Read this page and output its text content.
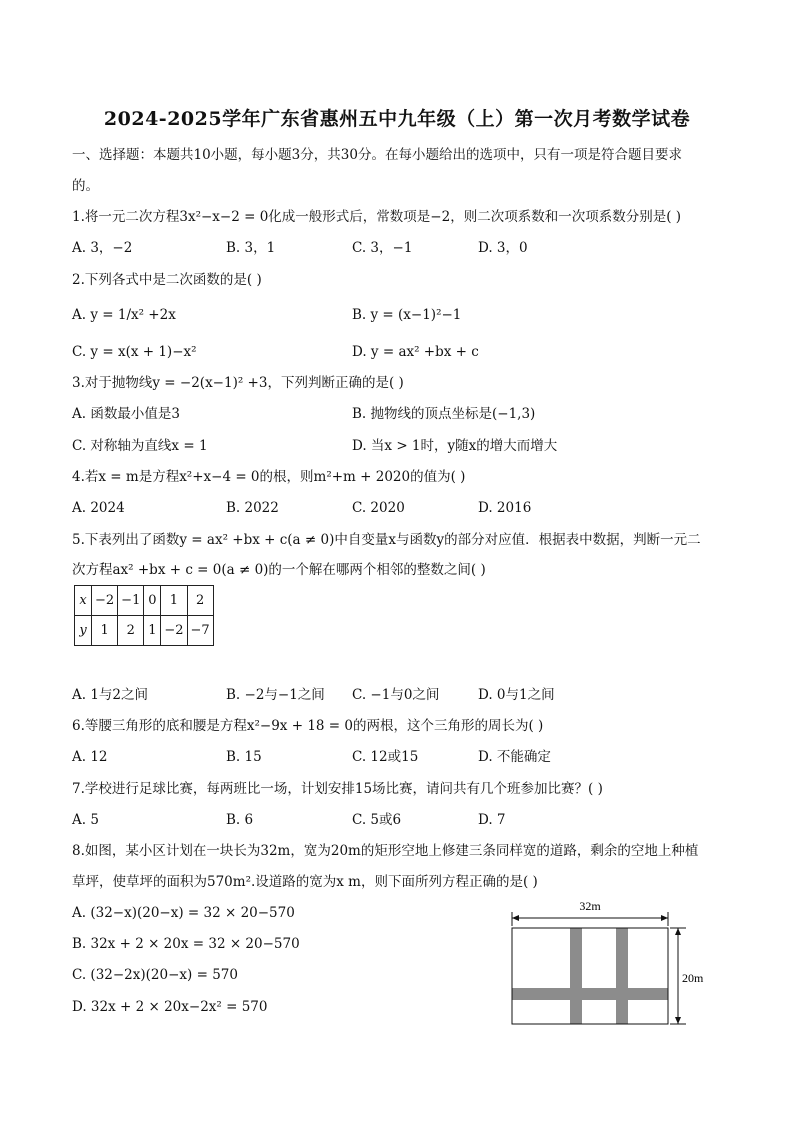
2024-2025学年广东省惠州五中九年级（上）第一次月考数学试卷
一、选择题：本题共10小题，每小题3分，共30分。在每小题给出的选项中，只有一项是符合题目要求
的。
1.将一元二次方程3x²−x−2 = 0化成一般形式后，常数项是−2，则二次项系数和一次项系数分别是( )
A. 3，−2	B. 3，1	C. 3，−1	D. 3，0
2.下列各式中是二次函数的是( )
A. y = 1/x² +2x	B. y = (x−1)²−1
C. y = x(x + 1)−x²	D. y = ax² +bx + c
3.对于抛物线y = −2(x−1)² +3，下列判断正确的是( )
A. 函数最小值是3	B. 抛物线的顶点坐标是(−1,3)
C. 对称轴为直线x = 1	D. 当x > 1时，y随x的增大而增大
4.若x = m是方程x²+x−4 = 0的根，则m²+m + 2020的值为( )
A. 2024	B. 2022	C. 2020	D. 2016
5.下表列出了函数y = ax² +bx + c(a ≠ 0)中自变量x与函数y的部分对应值．根据表中数据，判断一元二
次方程ax² +bx + c = 0(a ≠ 0)的一个解在哪两个相邻的整数之间( )
x	−2	−1	0	1	2
y	1	2	1	−2	−7
A. 1与2之间	B. −2与−1之间 C. −1与0之间	D. 0与1之间
6.等腰三角形的底和腰是方程x²−9x + 18 = 0的两根，这个三角形的周长为( )
A. 12	B. 15	C. 12或15	D. 不能确定
7.学校进行足球比赛，每两班比一场，计划安排15场比赛，请问共有几个班参加比赛？( )
A. 5	B. 6	C. 5或6	D. 7
8.如图，某小区计划在一块长为32m，宽为20m的矩形空地上修建三条同样宽的道路，剩余的空地上种植
草坪，使草坪的面积为570m².设道路的宽为x m，则下面所列方程正确的是( )
A. (32−x)(20−x) = 32 × 20−570
B. 32x + 2 × 20x = 32 × 20−570
C. (32−2x)(20−x) = 570
D. 32x + 2 × 20x−2x² = 570
32m
20m
